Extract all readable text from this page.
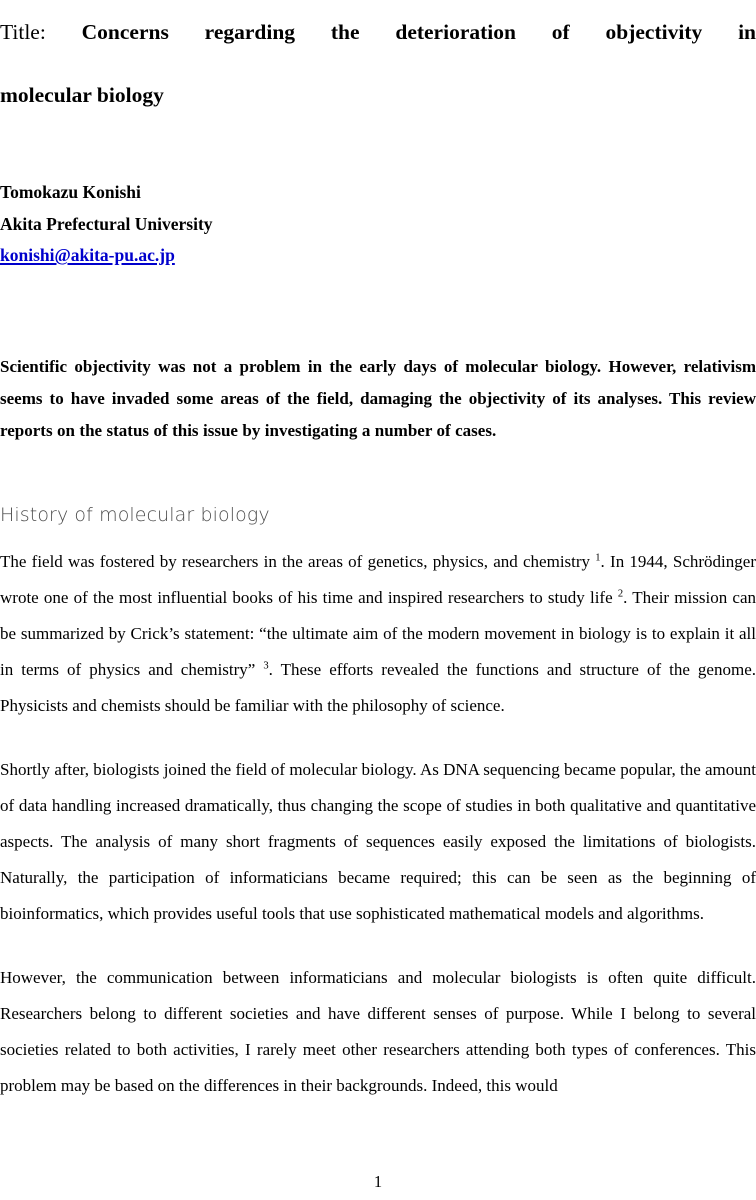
Title: Concerns regarding the deterioration of objectivity in
molecular biology
Tomokazu Konishi
Akita Prefectural University
konishi@akita-pu.ac.jp
Scientific objectivity was not a problem in the early days of molecular biology. However, relativism seems to have invaded some areas of the field, damaging the objectivity of its analyses. This review reports on the status of this issue by investigating a number of cases.
History of molecular biology
The field was fostered by researchers in the areas of genetics, physics, and chemistry $^1$. In 1944, Schrödinger wrote one of the most influential books of his time and inspired researchers to study life $^2$. Their mission can be summarized by Crick’s statement: “the ultimate aim of the modern movement in biology is to explain it all in terms of physics and chemistry” $^3$. These efforts revealed the functions and structure of the genome. Physicists and chemists should be familiar with the philosophy of science.
Shortly after, biologists joined the field of molecular biology. As DNA sequencing became popular, the amount of data handling increased dramatically, thus changing the scope of studies in both qualitative and quantitative aspects. The analysis of many short fragments of sequences easily exposed the limitations of biologists. Naturally, the participation of informaticians became required; this can be seen as the beginning of bioinformatics, which provides useful tools that use sophisticated mathematical models and algorithms.
However, the communication between informaticians and molecular biologists is often quite difficult. Researchers belong to different societies and have different senses of purpose. While I belong to several societies related to both activities, I rarely meet other researchers attending both types of conferences. This problem may be based on the differences in their backgrounds. Indeed, this would
1
